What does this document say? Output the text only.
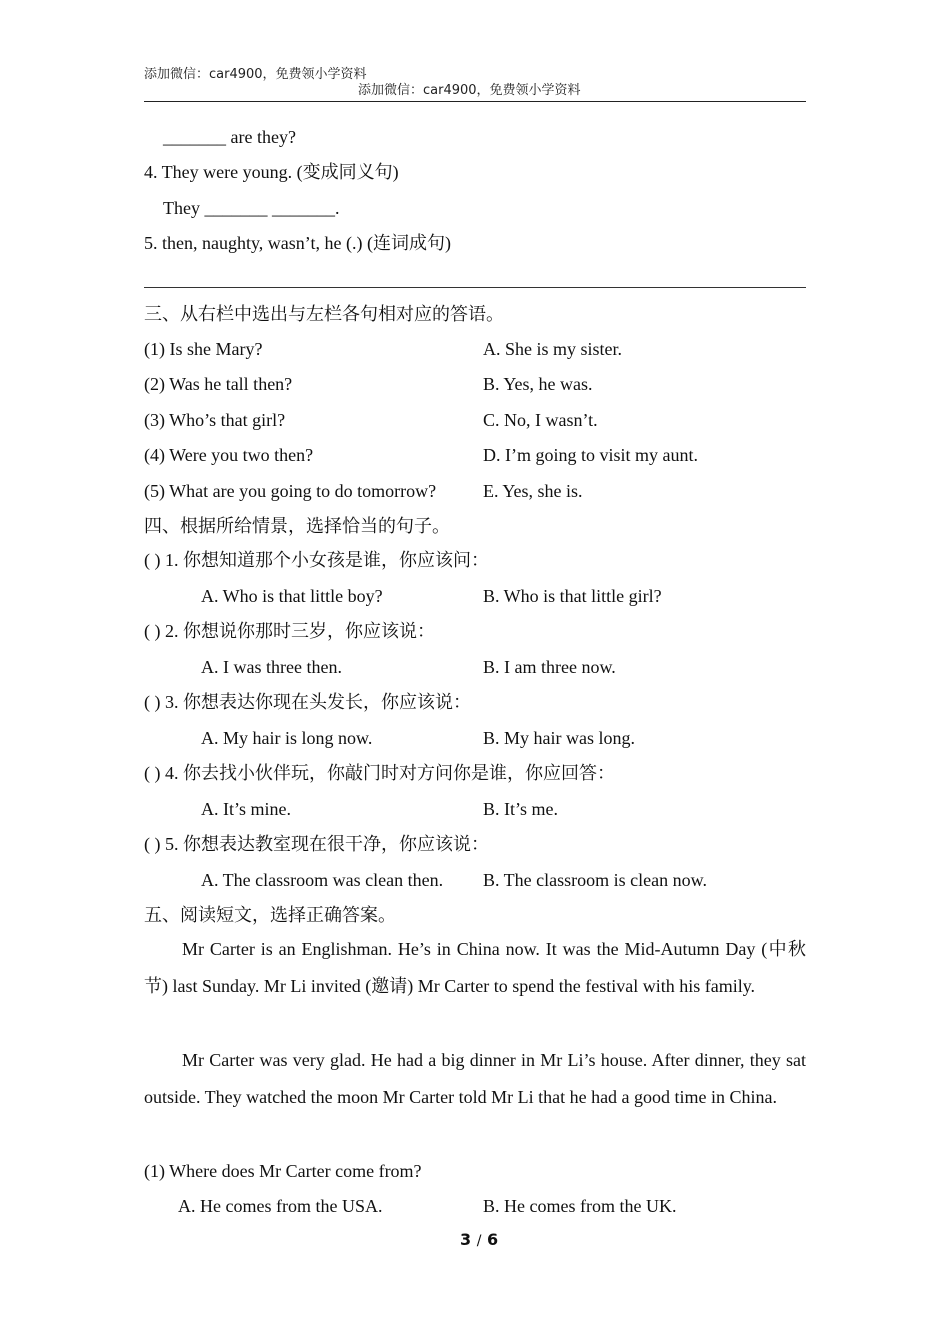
添加微信：car4900，免费领小学资料
添加微信：car4900，免费领小学资料
_______ are they?
4. They were young. (变成同义句)
They _______ _______.
5. then, naughty, wasn’t, he (.) (连词成句)
三、从右栏中选出与左栏各句相对应的答语。
(1) Is she Mary?	A. She is my sister.
(2) Was he tall then?	B. Yes, he was.
(3) Who’s that girl?	C. No, I wasn’t.
(4) Were you two then?	D. I’m going to visit my aunt.
(5) What are you going to do tomorrow?	E. Yes, she is.
四、根据所给情景，选择恰当的句子。
( ) 1. 你想知道那个小女孩是谁，你应该问：
A. Who is that little boy?	B. Who is that little girl?
( ) 2. 你想说你那时三岁，你应该说：
A. I was three then.	B. I am three now.
( ) 3. 你想表达你现在头发长，你应该说：
A. My hair is long now.	B. My hair was long.
( ) 4. 你去找小伙伴玩，你敲门时对方问你是谁，你应回答：
A. It’s mine.	B. It’s me.
( ) 5. 你想表达教室现在很干净，你应该说：
A. The classroom was clean then. B. The classroom is clean now.
五、阅读短文，选择正确答案。
Mr Carter is an Englishman. He’s in China now. It was the Mid-Autumn Day (中秋节) last Sunday. Mr Li invited (邀请) Mr Carter to spend the festival with his family.
Mr Carter was very glad. He had a big dinner in Mr Li’s house. After dinner, they sat outside. They watched the moon Mr Carter told Mr Li that he had a good time in China.
(1) Where does Mr Carter come from?
A. He comes from the USA.	B. He comes from the UK.
3 / 6
